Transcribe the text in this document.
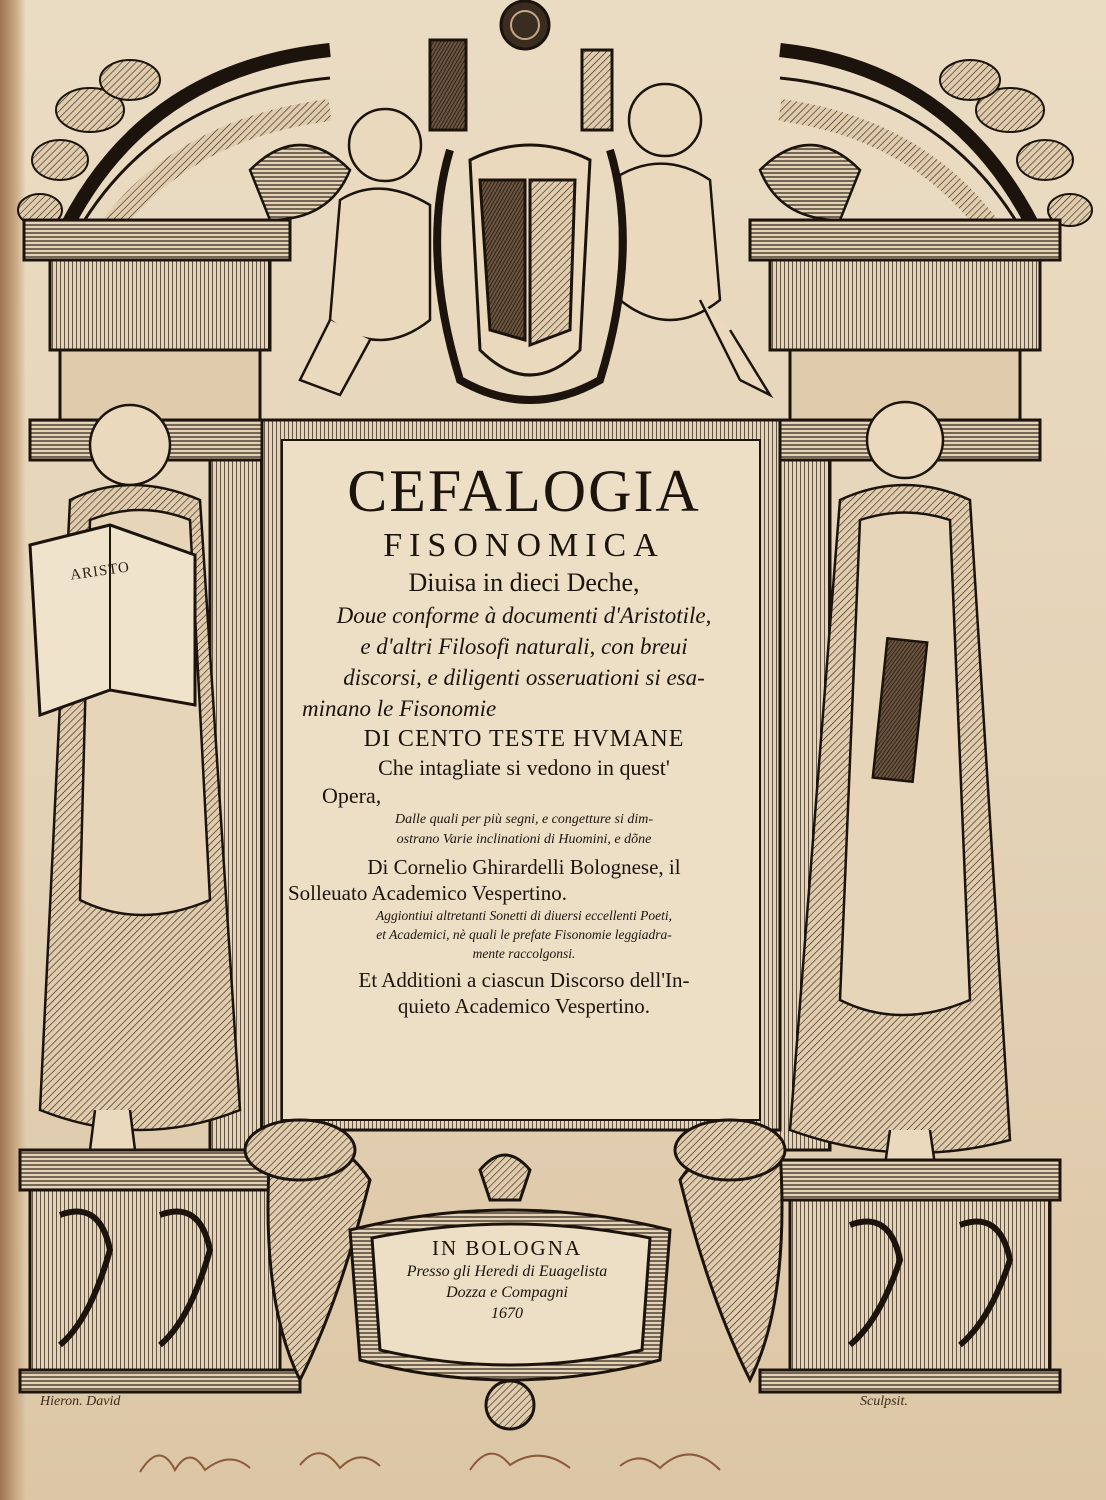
ARISTO
CEFALOGIA
FISONOMICA
Diuisa in dieci Deche,
Doue conforme à documenti d'Aristotile,
e d'altri Filosofi naturali, con breui
discorsi, e diligenti osseruationi si esa-
minano le Fisonomie
DI CENTO TESTE HVMANE
Che intagliate si vedono in quest'
Opera,
Dalle quali per più segni, e congetture si dim-
ostrano Varie inclinationi di Huomini, e dõne
Di Cornelio Ghirardelli Bolognese, il
Solleuato Academico Vespertino.
Aggiontiui altretanti Sonetti di diuersi eccellenti Poeti,
et Academici, nè quali le prefate Fisonomie leggiadra-
mente raccolgonsi.
Et Additioni a ciascun Discorso dell'In-
quieto Academico Vespertino.
IN BOLOGNA
Presso gli Heredi di Euagelista
Dozza e Compagni
1670
Hieron. David	Sculpsit.
